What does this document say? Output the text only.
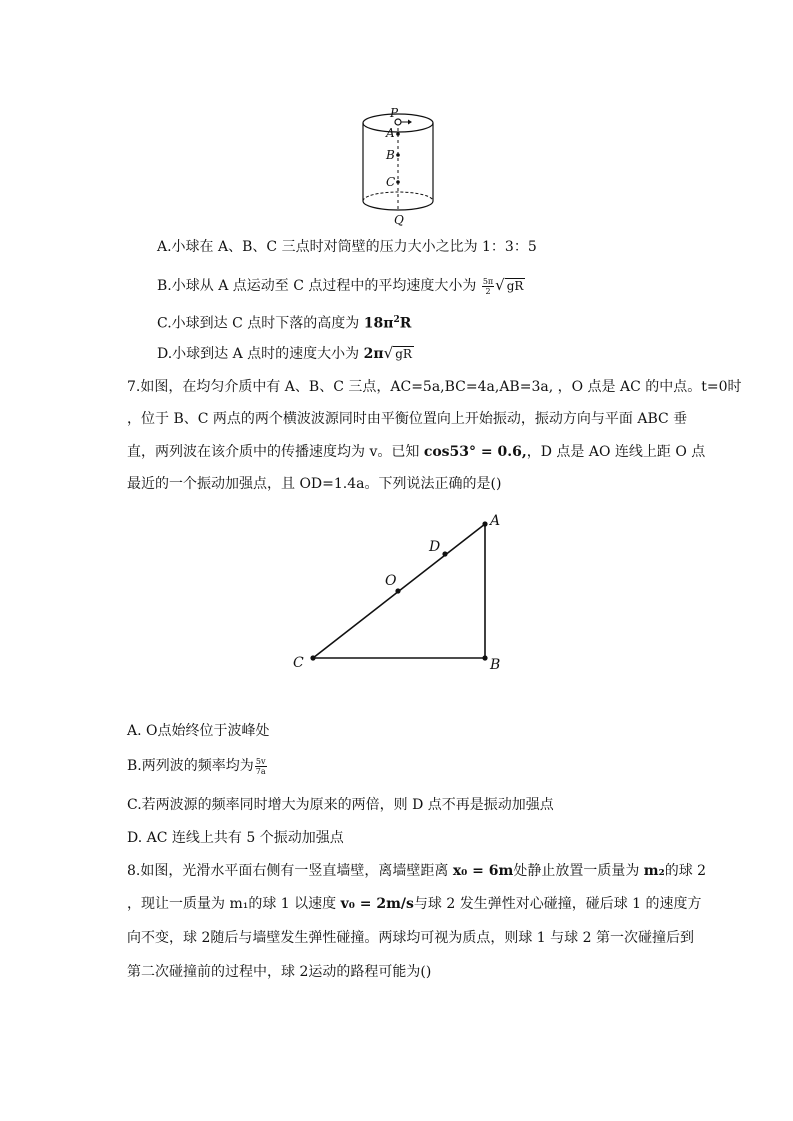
P
A
B
C
Q
A.小球在 A、B、C 三点时对筒壁的压力大小之比为 1：3：5
B.小球从 A 点运动至 C 点过程中的平均速度大小为 $\frac{5\pi}{2}$ √ gR
C.小球到达 C 点时下落的高度为 $18\pi^2R$
D.小球到达 A 点时的速度大小为 2π√ gR
7.如图，在均匀介质中有 A、B、C 三点，AC=5a,BC=4a,AB=3a, ，O 点是 AC 的中点。t=0时
，位于 B、C 两点的两个横波波源同时由平衡位置向上开始振动，振动方向与平面 ABC 垂
直，两列波在该介质中的传播速度均为 v。已知 cos53° = 0.6,，D 点是 AO 连线上距 O 点
最近的一个振动加强点，且 OD=1.4a。下列说法正确的是()
A
B
C
O
D
A. O点始终位于波峰处
B.两列波的频率均为 $\frac{5v}{7a}$
C.若两波源的频率同时增大为原来的两倍，则 D 点不再是振动加强点
D. AC 连线上共有 5 个振动加强点
8.如图，光滑水平面右侧有一竖直墙壁，离墙壁距离 x₀ = 6m处静止放置一质量为 m₂的球 2
，现让一质量为 m₁的球 1 以速度 v₀ = 2m/s与球 2 发生弹性对心碰撞，碰后球 1 的速度方
向不变，球 2随后与墙壁发生弹性碰撞。两球均可视为质点，则球 1 与球 2 第一次碰撞后到
第二次碰撞前的过程中，球 2运动的路程可能为()
